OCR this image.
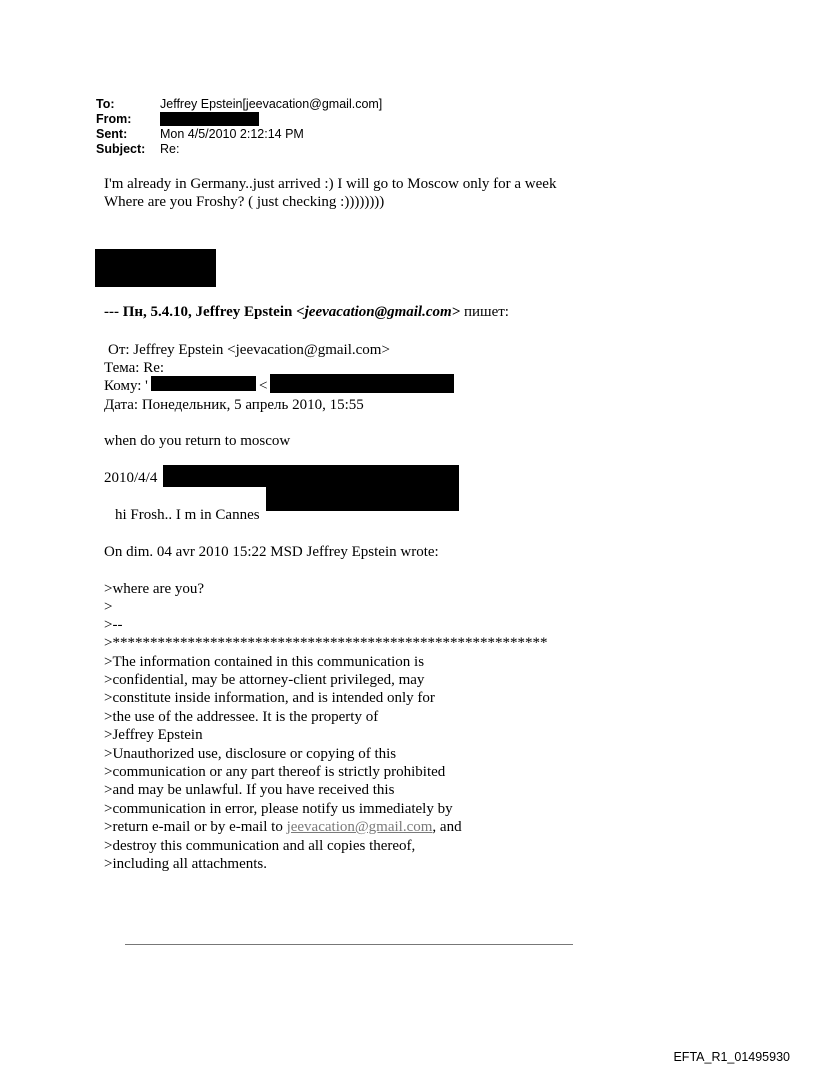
To:	Jeffrey Epstein[jeevacation@gmail.com]
From:
Sent:	Mon 4/5/2010 2:12:14 PM
Subject: Re:
I'm already in Germany..just arrived :) I will go to Moscow only for a week
Where are you Froshy? ( just checking :))))))))
--- Пн, 5.4.10, Jeffrey Epstein <jeevacation@gmail.com> пишет:
От: Jeffrey Epstein <jeevacation@gmail.com>
Тема: Re:
Кому: '	<
Дата: Понедельник, 5 апрель 2010, 15:55
when do you return to moscow
2010/4/4
hi Frosh.. I m in Cannes
On dim. 04 avr 2010 15:22 MSD Jeffrey Epstein wrote:
>where are you?
>
>--
>**********************************************************
>The information contained in this communication is
>confidential, may be attorney-client privileged, may
>constitute inside information, and is intended only for
>the use of the addressee. It is the property of
>Jeffrey Epstein
>Unauthorized use, disclosure or copying of this
>communication or any part thereof is strictly prohibited
>and may be unlawful. If you have received this
>communication in error, please notify us immediately by
>return e-mail or by e-mail to jeevacation@gmail.com, and
>destroy this communication and all copies thereof,
>including all attachments.
EFTA_R1_01495930
